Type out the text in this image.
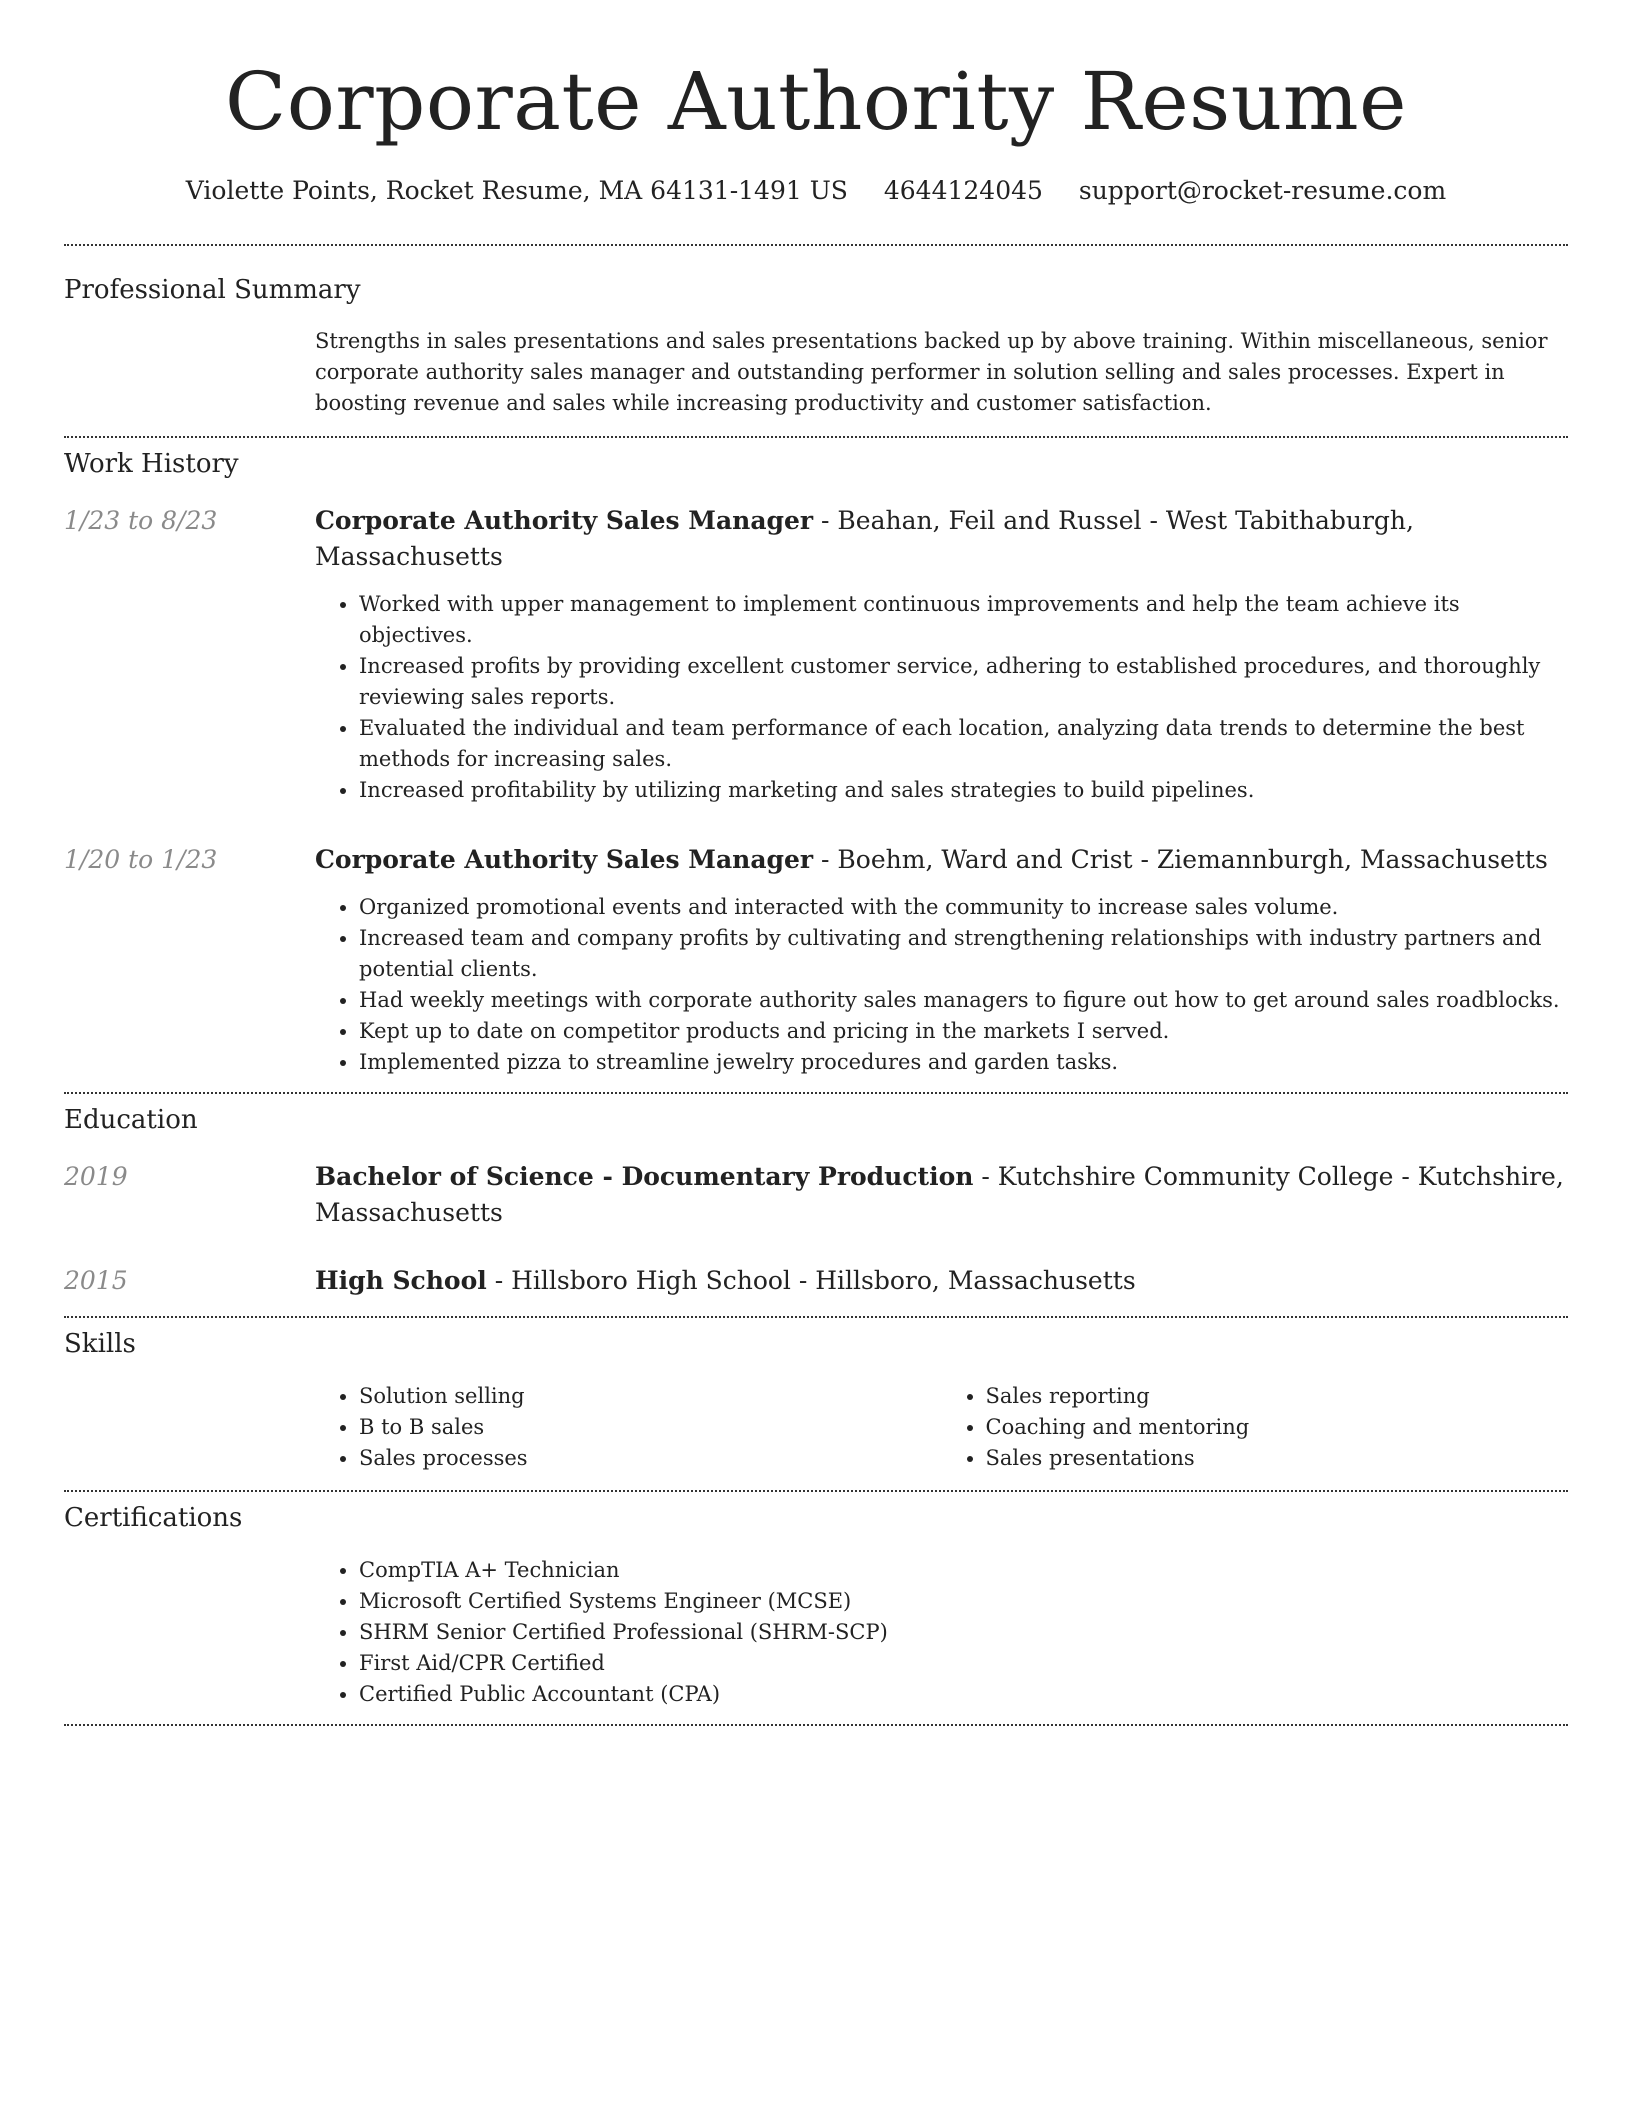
Corporate Authority Resume
Violette Points, Rocket Resume, MA 64131-1491 US 4644124045 support@rocket-resume.com
Professional Summary

Strengths in sales presentations and sales presentations backed up by above training. Within miscellaneous, senior corporate authority sales manager and outstanding performer in solution selling and sales processes. Expert in boosting revenue and sales while increasing productivity and customer satisfaction.

Work History
1/23 to 8/23	Corporate Authority Sales Manager - Beahan, Feil and Russel - West Tabithaburgh, Massachusetts

• Worked with upper management to implement continuous improvements and help the team achieve its objectives.
• Increased profits by providing excellent customer service, adhering to established procedures, and thoroughly reviewing sales reports.
• Evaluated the individual and team performance of each location, analyzing data trends to determine the best methods for increasing sales.
• Increased profitability by utilizing marketing and sales strategies to build pipelines.
1/20 to 1/23	Corporate Authority Sales Manager - Boehm, Ward and Crist - Ziemannburgh, Massachusetts

• Organized promotional events and interacted with the community to increase sales volume.
• Increased team and company profits by cultivating and strengthening relationships with industry partners and potential clients.
• Had weekly meetings with corporate authority sales managers to figure out how to get around sales roadblocks.
• Kept up to date on competitor products and pricing in the markets I served.
• Implemented pizza to streamline jewelry procedures and garden tasks.
Education
2019	Bachelor of Science - Documentary Production - Kutchshire Community College - Kutchshire, Massachusetts

2015	High School - Hillsboro High School - Hillsboro, Massachusetts

Skills
• Solution selling
• B to B sales
• Sales processes
• Sales reporting
• Coaching and mentoring
• Sales presentations
Certifications
• CompTIA A+ Technician
• Microsoft Certified Systems Engineer (MCSE)
• SHRM Senior Certified Professional (SHRM-SCP)
• First Aid/CPR Certified
• Certified Public Accountant (CPA)
